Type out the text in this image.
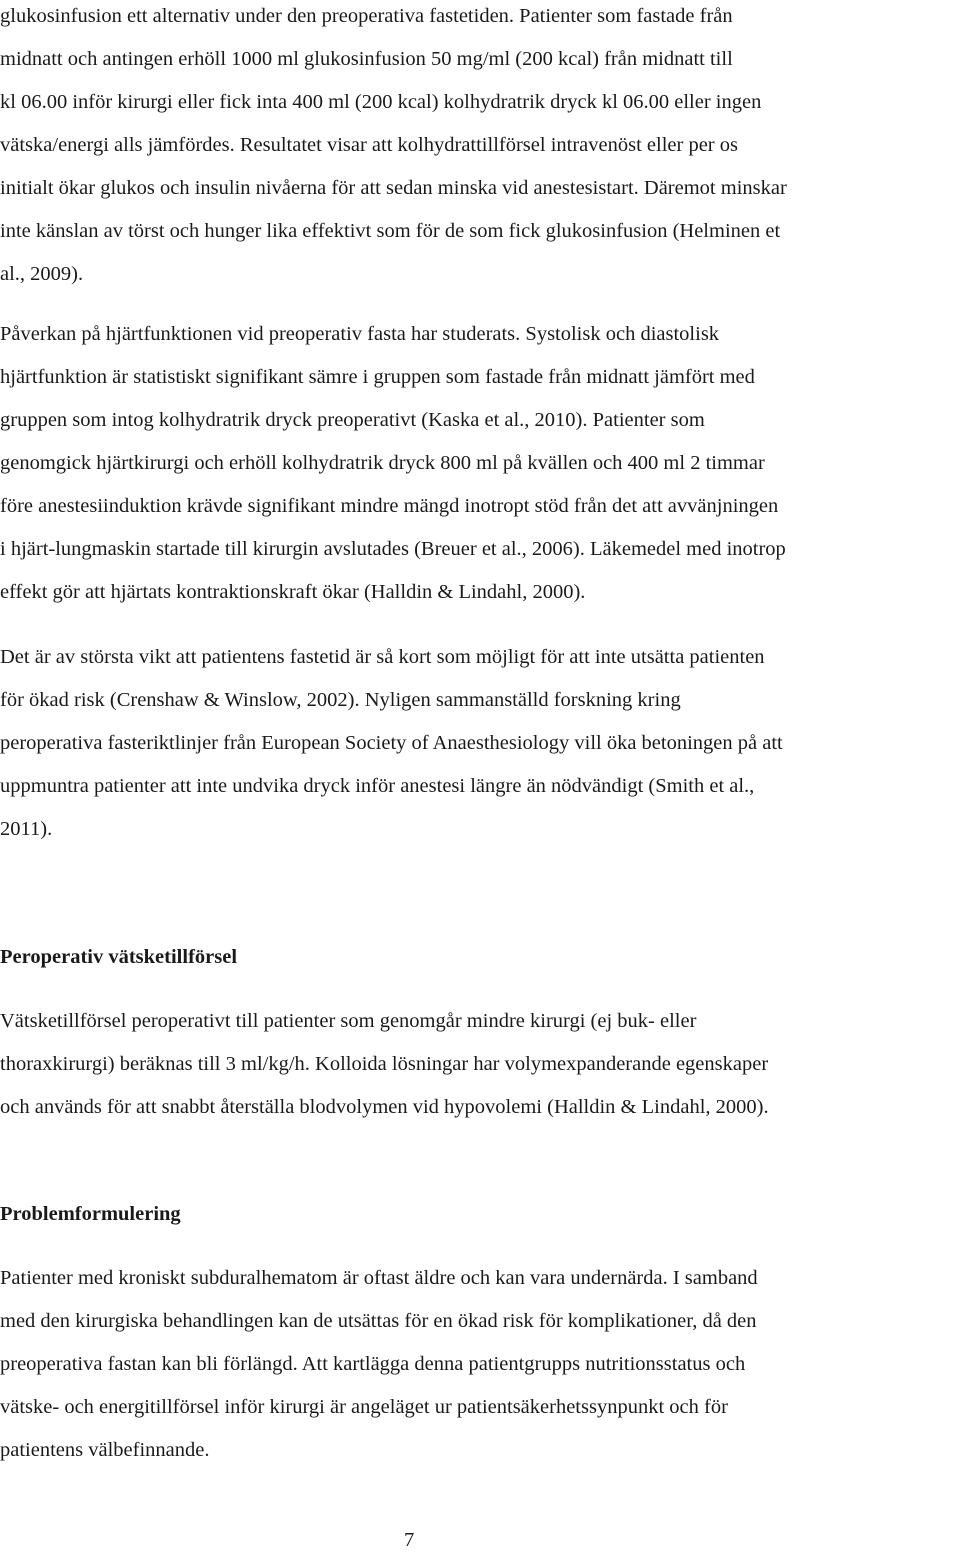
glukosinfusion ett alternativ under den preoperativa fastetiden. Patienter som fastade från
midnatt och antingen erhöll 1000 ml glukosinfusion 50 mg/ml (200 kcal) från midnatt till
kl 06.00 inför kirurgi eller fick inta 400 ml (200 kcal) kolhydratrik dryck kl 06.00 eller ingen
vätska/energi alls jämfördes. Resultatet visar att kolhydrattillförsel intravenöst eller per os
initialt ökar glukos och insulin nivåerna för att sedan minska vid anestesistart. Däremot minskar
inte känslan av törst och hunger lika effektivt som för de som fick glukosinfusion (Helminen et
al., 2009).
Påverkan på hjärtfunktionen vid preoperativ fasta har studerats. Systolisk och diastolisk
hjärtfunktion är statistiskt signifikant sämre i gruppen som fastade från midnatt jämfört med
gruppen som intog kolhydratrik dryck preoperativt (Kaska et al., 2010). Patienter som
genomgick hjärtkirurgi och erhöll kolhydratrik dryck 800 ml på kvällen och 400 ml 2 timmar
före anestesiinduktion krävde signifikant mindre mängd inotropt stöd från det att avvänjningen
i hjärt-lungmaskin startade till kirurgin avslutades (Breuer et al., 2006). Läkemedel med inotrop
effekt gör att hjärtats kontraktionskraft ökar (Halldin & Lindahl, 2000).
Det är av största vikt att patientens fastetid är så kort som möjligt för att inte utsätta patienten
för ökad risk (Crenshaw & Winslow, 2002). Nyligen sammanställd forskning kring
peroperativa fasteriktlinjer från European Society of Anaesthesiology vill öka betoningen på att
uppmuntra patienter att inte undvika dryck inför anestesi längre än nödvändigt (Smith et al.,
2011).
Peroperativ vätsketillförsel
Vätsketillförsel peroperativt till patienter som genomgår mindre kirurgi (ej buk- eller
thoraxkirurgi) beräknas till 3 ml/kg/h. Kolloida lösningar har volymexpanderande egenskaper
och används för att snabbt återställa blodvolymen vid hypovolemi (Halldin & Lindahl, 2000).
Problemformulering
Patienter med kroniskt subduralhematom är oftast äldre och kan vara undernärda. I samband
med den kirurgiska behandlingen kan de utsättas för en ökad risk för komplikationer, då den
preoperativa fastan kan bli förlängd. Att kartlägga denna patientgrupps nutritionsstatus och
vätske- och energitillförsel inför kirurgi är angeläget ur patientsäkerhetssynpunkt och för
patientens välbefinnande.
7
